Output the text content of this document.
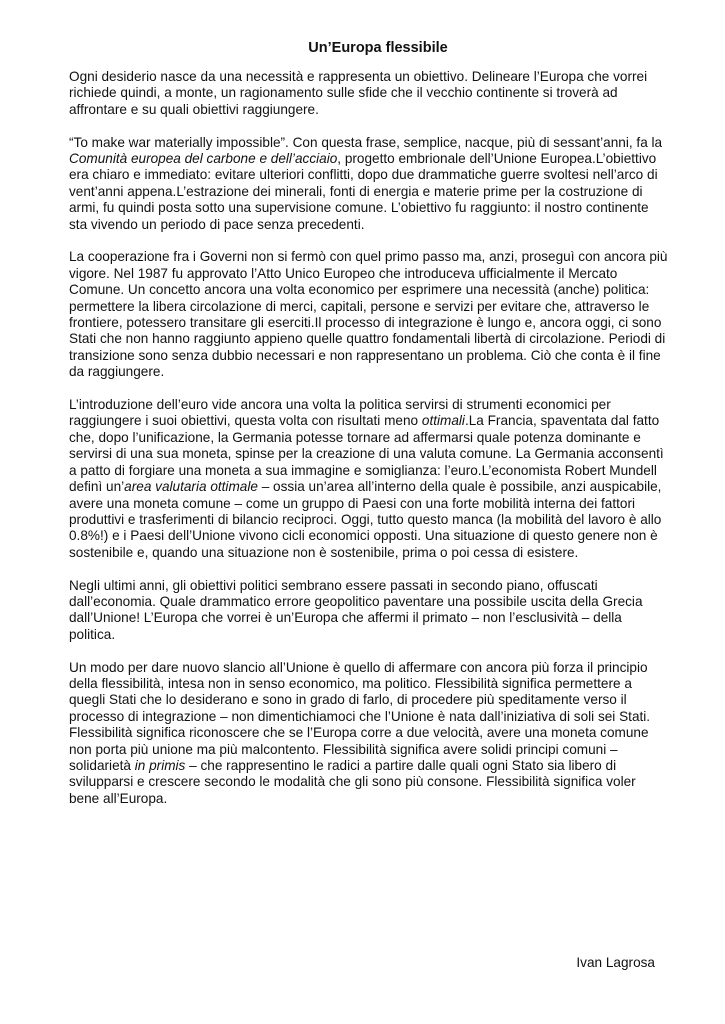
Un’Europa flessibile
Ogni desiderio nasce da una necessità e rappresenta un obiettivo. Delineare l’Europa che vorrei richiede quindi, a monte, un ragionamento sulle sfide che il vecchio continente si troverà ad affrontare e su quali obiettivi raggiungere.
“To make war materially impossible”. Con questa frase, semplice, nacque, più di sessant’anni, fa la Comunità europea del carbone e dell’acciaio, progetto embrionale dell’Unione Europea.L’obiettivo era chiaro e immediato: evitare ulteriori conflitti, dopo due drammatiche guerre svoltesi nell’arco di vent’anni appena.L’estrazione dei minerali, fonti di energia e materie prime per la costruzione di armi, fu quindi posta sotto una supervisione comune. L’obiettivo fu raggiunto: il nostro continente sta vivendo un periodo di pace senza precedenti.
La cooperazione fra i Governi non si fermò con quel primo passo ma, anzi, proseguì con ancora più vigore. Nel 1987 fu approvato l’Atto Unico Europeo che introduceva ufficialmente il Mercato Comune. Un concetto ancora una volta economico per esprimere una necessità (anche) politica: permettere la libera circolazione di merci, capitali, persone e servizi per evitare che, attraverso le frontiere, potessero transitare gli eserciti.Il processo di integrazione è lungo e, ancora oggi, ci sono Stati che non hanno raggiunto appieno quelle quattro fondamentali libertà di circolazione. Periodi di transizione sono senza dubbio necessari e non rappresentano un problema. Ciò che conta è il fine da raggiungere.
L’introduzione dell’euro vide ancora una volta la politica servirsi di strumenti economici per raggiungere i suoi obiettivi, questa volta con risultati meno ottimali.La Francia, spaventata dal fatto che, dopo l’unificazione, la Germania potesse tornare ad affermarsi quale potenza dominante e servirsi di una sua moneta, spinse per la creazione di una valuta comune. La Germania acconsentì a patto di forgiare una moneta a sua immagine e somiglianza: l’euro.L’economista Robert Mundell definì un’area valutaria ottimale – ossia un’area all’interno della quale è possibile, anzi auspicabile, avere una moneta comune – come un gruppo di Paesi con una forte mobilità interna dei fattori produttivi e trasferimenti di bilancio reciproci. Oggi, tutto questo manca (la mobilità del lavoro è allo 0.8%!) e i Paesi dell’Unione vivono cicli economici opposti. Una situazione di questo genere non è sostenibile e, quando una situazione non è sostenibile, prima o poi cessa di esistere.
Negli ultimi anni, gli obiettivi politici sembrano essere passati in secondo piano, offuscati dall’economia. Quale drammatico errore geopolitico paventare una possibile uscita della Grecia dall’Unione! L’Europa che vorrei è un’Europa che affermi il primato – non l’esclusività – della politica.
Un modo per dare nuovo slancio all’Unione è quello di affermare con ancora più forza il principio della flessibilità, intesa non in senso economico, ma politico. Flessibilità significa permettere a quegli Stati che lo desiderano e sono in grado di farlo, di procedere più speditamente verso il processo di integrazione – non dimentichiamoci che l’Unione è nata dall’iniziativa di soli sei Stati. Flessibilità significa riconoscere che se l’Europa corre a due velocità, avere una moneta comune non porta più unione ma più malcontento. Flessibilità significa avere solidi principi comuni – solidarietà in primis – che rappresentino le radici a partire dalle quali ogni Stato sia libero di svilupparsi e crescere secondo le modalità che gli sono più consone. Flessibilità significa voler bene all’Europa.
Ivan Lagrosa
